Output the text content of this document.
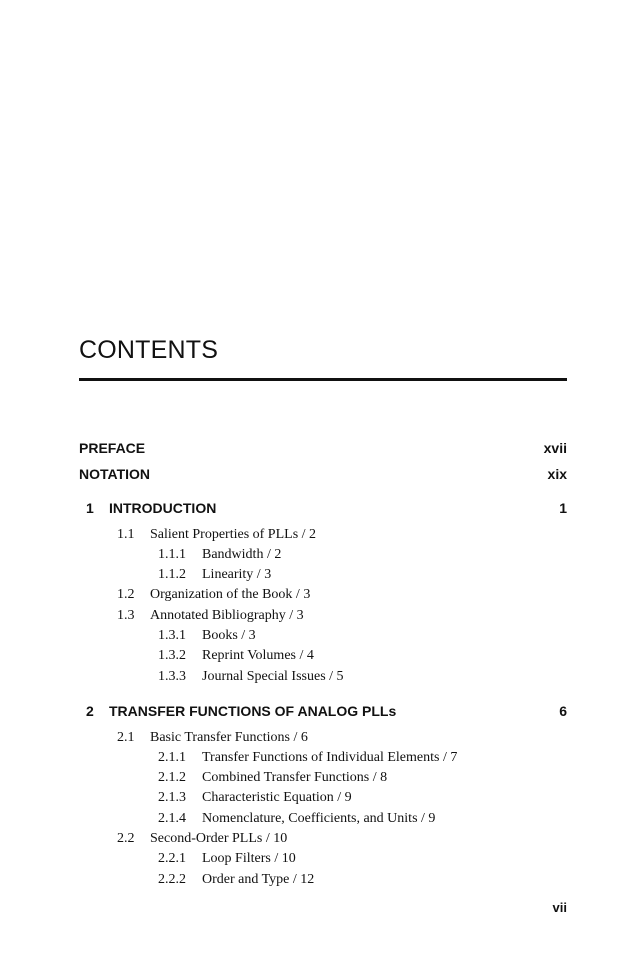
CONTENTS
PREFACE	xvii
NOTATION	xix
1 INTRODUCTION	1
1.1 Salient Properties of PLLs / 2
1.1.1 Bandwidth / 2
1.1.2 Linearity / 3
1.2 Organization of the Book / 3
1.3 Annotated Bibliography / 3
1.3.1 Books / 3
1.3.2 Reprint Volumes / 4
1.3.3 Journal Special Issues / 5
2 TRANSFER FUNCTIONS OF ANALOG PLLs	6
2.1 Basic Transfer Functions / 6
2.1.1 Transfer Functions of Individual Elements / 7
2.1.2 Combined Transfer Functions / 8
2.1.3 Characteristic Equation / 9
2.1.4 Nomenclature, Coefficients, and Units / 9
2.2 Second-Order PLLs / 10
2.2.1 Loop Filters / 10
2.2.2 Order and Type / 12
vii
